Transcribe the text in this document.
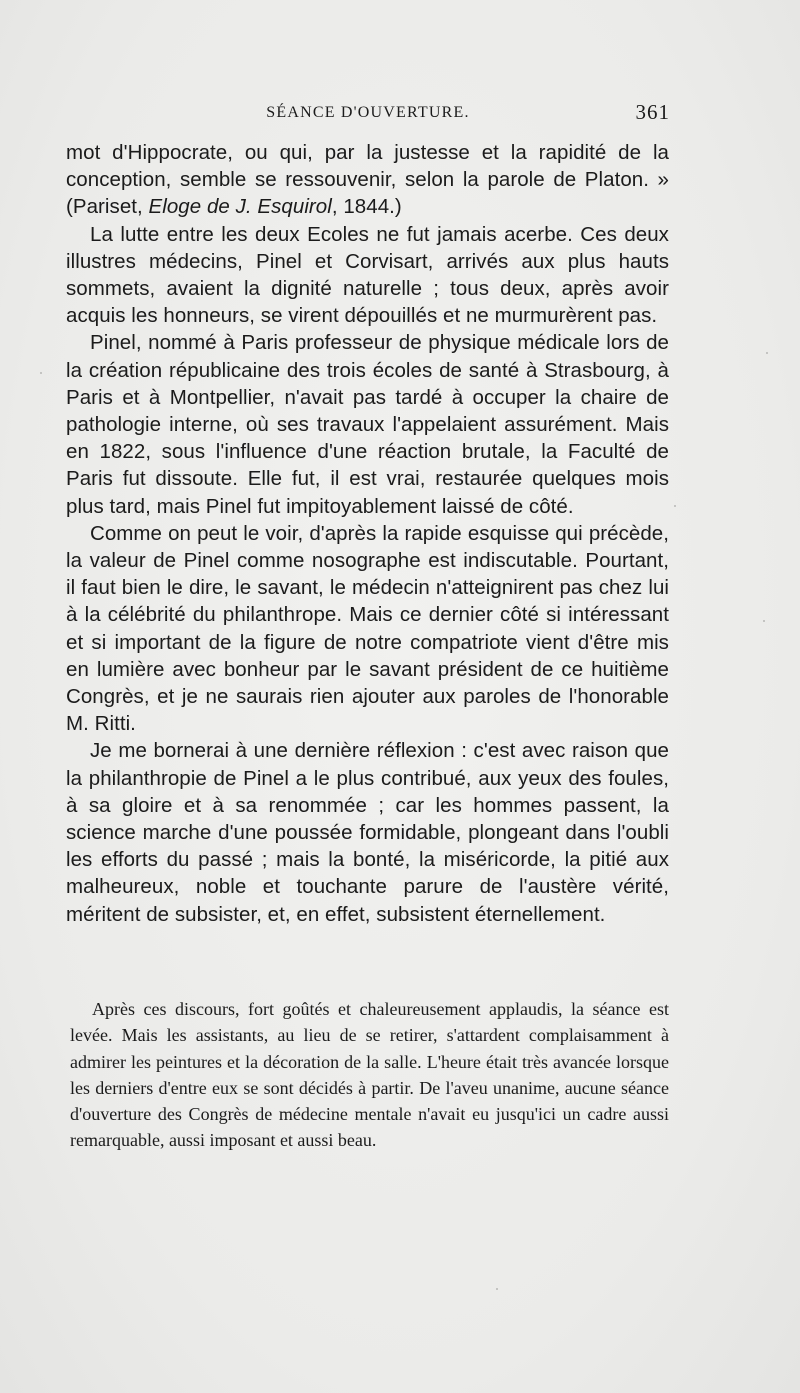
SÉANCE D'OUVERTURE.	361

mot d'Hippocrate, ou qui, par la justesse et la rapidité de la conception, semble se ressouvenir, selon la parole de Platon. » (Pariset, Eloge de J. Esquirol, 1844.)

La lutte entre les deux Ecoles ne fut jamais acerbe. Ces deux illustres médecins, Pinel et Corvisart, arrivés aux plus hauts sommets, avaient la dignité naturelle ; tous deux, après avoir acquis les honneurs, se virent dépouillés et ne murmurèrent pas.

Pinel, nommé à Paris professeur de physique médicale lors de la création républicaine des trois écoles de santé à Strasbourg, à Paris et à Montpellier, n'avait pas tardé à occuper la chaire de pathologie interne, où ses travaux l'appelaient assurément. Mais en 1822, sous l'influence d'une réaction brutale, la Faculté de Paris fut dissoute. Elle fut, il est vrai, restaurée quelques mois plus tard, mais Pinel fut impitoyablement laissé de côté.

Comme on peut le voir, d'après la rapide esquisse qui précède, la valeur de Pinel comme nosographe est indiscutable. Pourtant, il faut bien le dire, le savant, le médecin n'atteignirent pas chez lui à la célébrité du philanthrope. Mais ce dernier côté si intéressant et si important de la figure de notre compatriote vient d'être mis en lumière avec bonheur par le savant président de ce huitième Congrès, et je ne saurais rien ajouter aux paroles de l'honorable M. Ritti.

Je me bornerai à une dernière réflexion : c'est avec raison que la philanthropie de Pinel a le plus contribué, aux yeux des foules, à sa gloire et à sa renommée ; car les hommes passent, la science marche d'une poussée formidable, plongeant dans l'oubli les efforts du passé ; mais la bonté, la miséricorde, la pitié aux malheureux, noble et touchante parure de l'austère vérité, méritent de subsister, et, en effet, subsistent éternellement.

Après ces discours, fort goûtés et chaleureusement applaudis, la séance est levée. Mais les assistants, au lieu de se retirer, s'attardent complaisamment à admirer les peintures et la décoration de la salle. L'heure était très avancée lorsque les derniers d'entre eux se sont décidés à partir. De l'aveu unanime, aucune séance d'ouverture des Congrès de médecine mentale n'avait eu jusqu'ici un cadre aussi remarquable, aussi imposant et aussi beau.
